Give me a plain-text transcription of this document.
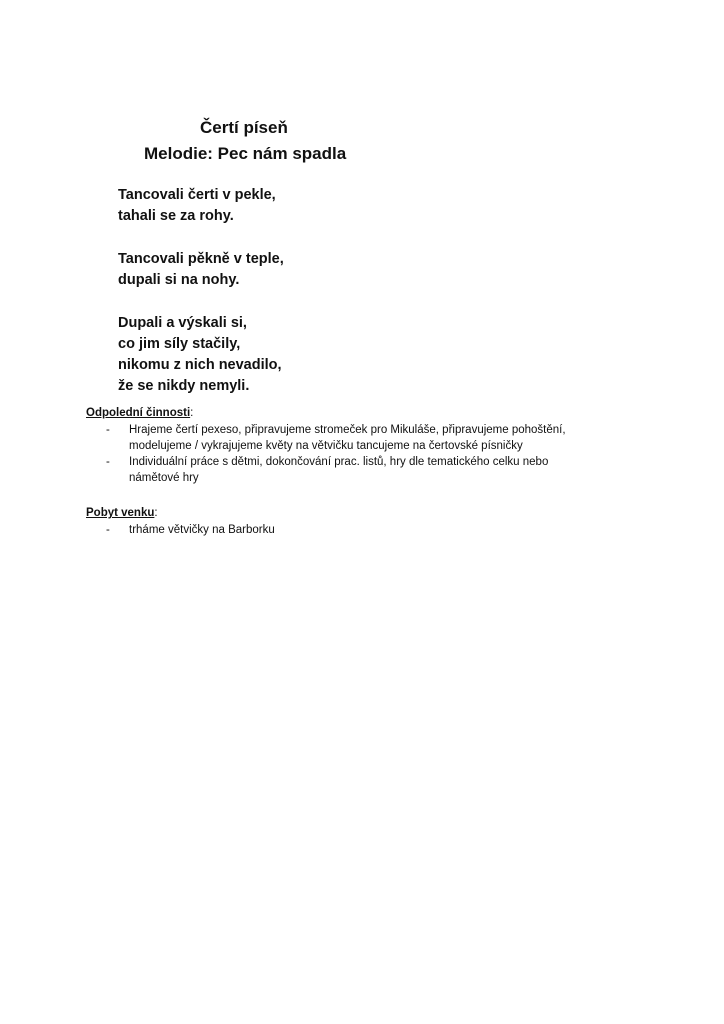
Čertí píseň
Melodie: Pec nám spadla
Tancovali čerti v pekle,
tahali se za rohy.
Tancovali pěkně v teple,
dupali si na nohy.
Dupali a výskali si,
co jim síly stačily,
nikomu z nich nevadilo,
že se nikdy nemyli.
Odpolední činnosti:
- Hrajeme čertí pexeso, připravujeme stromeček pro Mikuláše, připravujeme pohoštění, modelujeme / vykrajujeme květy na větvičku tancujeme na čertovské písničky
- Individuální práce s dětmi, dokončování prac. listů, hry dle tematického celku nebo námětové hry
Pobyt venku:
- trháme větvičky na Barborku
